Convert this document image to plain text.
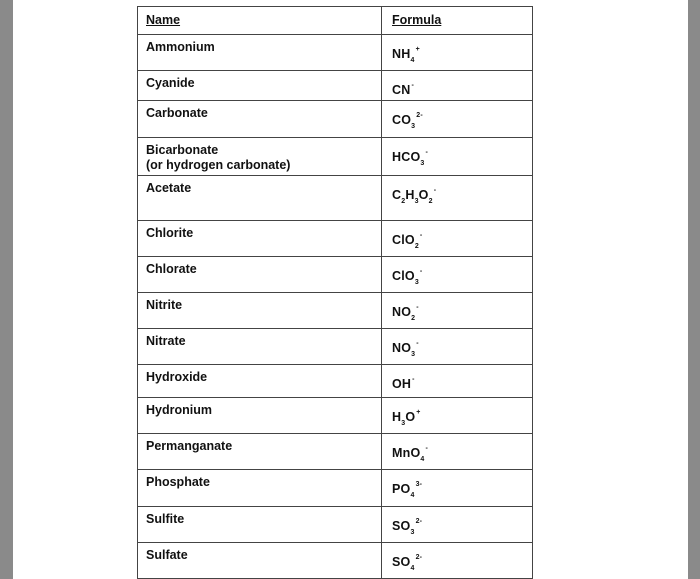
Name	Formula

Ammonium	$NH_4^+$

Cyanide	CN-

Carbonate	$CO_3^{2-}$

Bicarbonate
(or hydrogen carbonate)	$HCO_3^-$

Acetate	$C_2H_3O_2^-$

Chlorite	ClO$_2$-

Chlorate	ClO$_3$-

Nitrite	$NO_2^-$

Nitrate	$NO_3^-$

Hydroxide	OH-

Hydronium	$H_3O^+$

Permanganate	MnO$_4$-

Phosphate	$PO_4^{3-}$

Sulfite	$SO_3^{2-}$

Sulfate	$SO_4^{2-}$
